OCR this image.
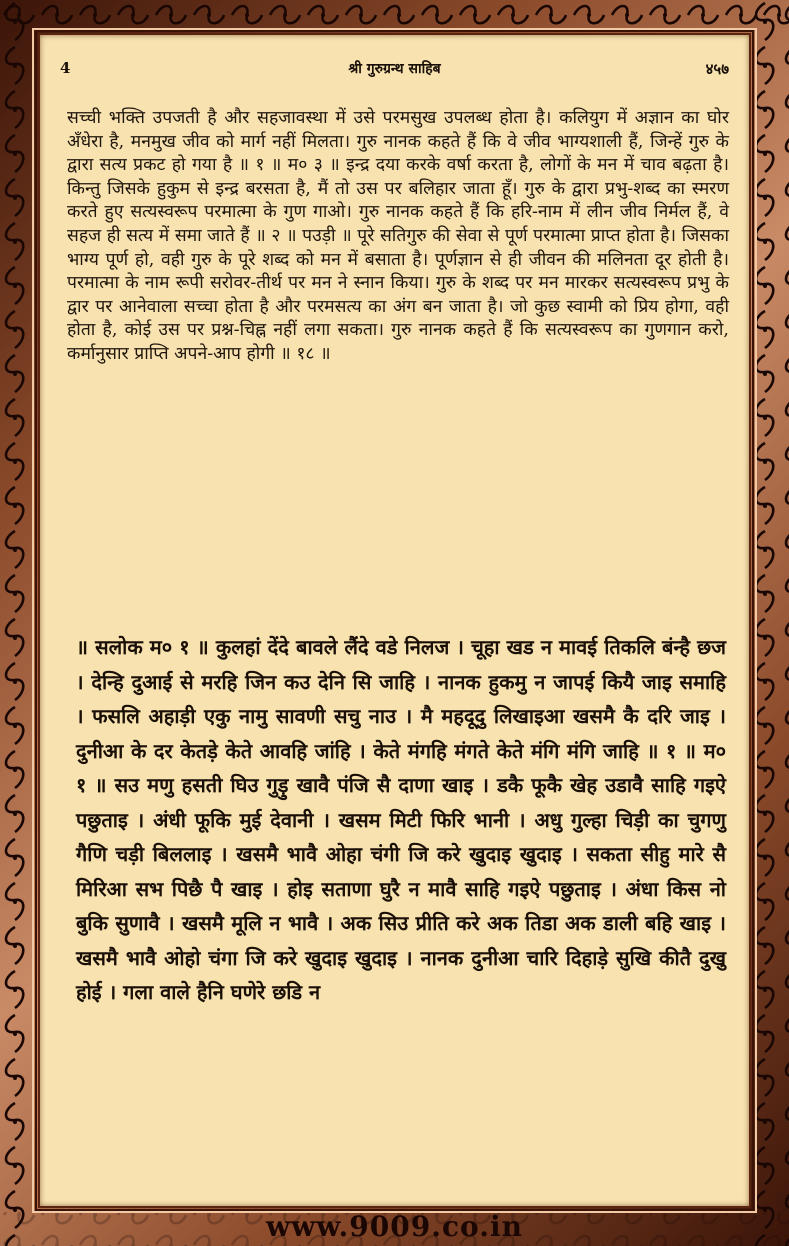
4	श्री गुरुग्रन्थ साहिब	४५७

सच्ची भक्ति उपजती है और सहजावस्था में उसे परमसुख उपलब्ध होता है। कलियुग में अज्ञान का घोर अँधेरा है, मनमुख जीव को मार्ग नहीं मिलता। गुरु नानक कहते हैं कि वे जीव भाग्यशाली हैं, जिन्हें गुरु के द्वारा सत्य प्रकट हो गया है ॥ १ ॥ म० ३ ॥ इन्द्र दया करके वर्षा करता है, लोगों के मन में चाव बढ़ता है। किन्तु जिसके हुकुम से इन्द्र बरसता है, मैं तो उस पर बलिहार जाता हूँ। गुरु के द्वारा प्रभु-शब्द का स्मरण करते हुए सत्यस्वरूप परमात्मा के गुण गाओ। गुरु नानक कहते हैं कि हरि-नाम में लीन जीव निर्मल हैं, वे सहज ही सत्य में समा जाते हैं ॥ २ ॥ पउड़ी ॥ पूरे सतिगुरु की सेवा से पूर्ण परमात्मा प्राप्त होता है। जिसका भाग्य पूर्ण हो, वही गुरु के पूरे शब्द को मन में बसाता है। पूर्णज्ञान से ही जीवन की मलिनता दूर होती है। परमात्मा के नाम रूपी सरोवर-तीर्थ पर मन ने स्नान किया। गुरु के शब्द पर मन मारकर सत्यस्वरूप प्रभु के द्वार पर आनेवाला सच्चा होता है और परमसत्य का अंग बन जाता है। जो कुछ स्वामी को प्रिय होगा, वही होता है, कोई उस पर प्रश्न-चिह्न नहीं लगा सकता। गुरु नानक कहते हैं कि सत्यस्वरूप का गुणगान करो, कर्मानुसार प्राप्ति अपने-आप होगी ॥ १८ ॥

॥ सलोक म० १ ॥ कुलहां देंदे बावले लैंदे वडे निलज । चूहा खड न मावई तिकलि बंन्है छज । देन्हि दुआई से मरहि जिन कउ देनि सि जाहि । नानक हुकमु न जापई कियै जाइ समाहि । फसलि अहाड़ी एकु नामु सावणी सचु नाउ । मै महदूदु लिखाइआ खसमै कै दरि जाइ । दुनीआ के दर केतड़े केते आवहि जांहि । केते मंगहि मंगते केते मंगि मंगि जाहि ॥ १ ॥ म० १ ॥ सउ मणु हसती घिउ गुड़ु खावै पंजि सै दाणा खाइ । डकै फूकै खेह उडावै साहि गइऐ पछुताइ । अंधी फूकि मुई देवानी । खसम मिटी फिरि भानी । अधु गुल्हा चिड़ी का चुगणु गैणि चड़ी बिललाइ । खसमै भावै ओहा चंगी जि करे खुदाइ खुदाइ । सकता सीहु मारे सै मिरिआ सभ पिछै पै खाइ । होइ सताणा घुरै न मावै साहि गइऐ पछुताइ । अंधा किस नो बुकि सुणावै । खसमै मूलि न भावै । अक सिउ प्रीति करे अक तिडा अक डाली बहि खाइ । खसमै भावै ओहो चंगा जि करे खुदाइ खुदाइ । नानक दुनीआ चारि दिहाड़े सुखि कीतै दुखु होई । गला वाले हैनि घणेरे छडि न

www.9009.co.in
